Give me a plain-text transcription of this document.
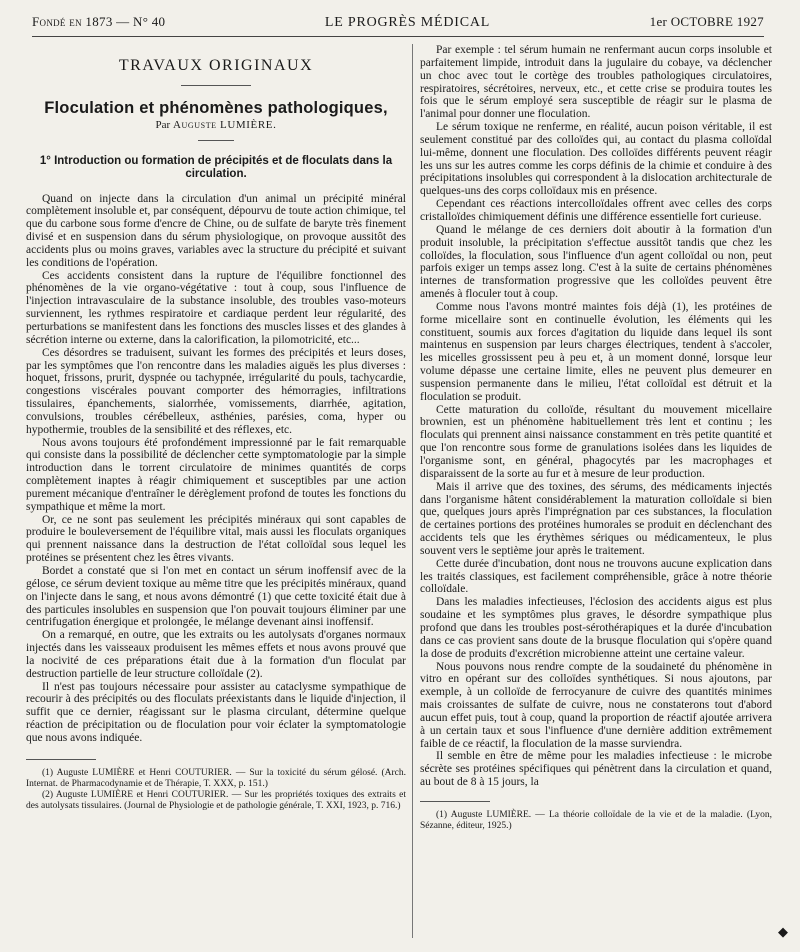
Fondé en 1873 — N° 40	LE PROGRÈS MÉDICAL	1er OCTOBRE 1927
TRAVAUX ORIGINAUX
Floculation et phénomènes pathologiques,
Par Auguste LUMIÈRE.
1° Introduction ou formation de précipités et de floculats dans la circulation.

Quand on injecte dans la circulation d'un animal un précipité minéral complètement insoluble et, par conséquent, dépourvu de toute action chimique, tel que du carbone sous forme d'encre de Chine, ou de sulfate de baryte très finement divisé et en suspension dans du sérum physiologique, on provoque aussitôt des accidents plus ou moins graves, variables avec la structure du précipité et suivant les conditions de l'opération.

Ces accidents consistent dans la rupture de l'équilibre fonctionnel des phénomènes de la vie organo-végétative : tout à coup, sous l'influence de l'injection intravasculaire de la substance insoluble, des troubles vaso-moteurs surviennent, les rythmes respiratoire et cardiaque perdent leur régularité, des perturbations se manifestent dans les fonctions des muscles lisses et des glandes à sécrétion interne ou externe, dans la calorification, la pilomotricité, etc...

Ces désordres se traduisent, suivant les formes des précipités et leurs doses, par les symptômes que l'on rencontre dans les maladies aiguës les plus diverses : hoquet, frissons, prurit, dyspnée ou tachypnée, irrégularité du pouls, tachycardie, congestions viscérales pouvant comporter des hémorragies, infiltrations tissulaires, épanchements, sialorrhée, vomissements, diarrhée, agitation, convulsions, troubles cérébelleux, asthénies, parésies, coma, hyper ou hypothermie, troubles de la sensibilité et des réflexes, etc.

Nous avons toujours été profondément impressionné par le fait remarquable qui consiste dans la possibilité de déclencher cette symptomatologie par la simple introduction dans le torrent circulatoire de minimes quantités de corps complètement inaptes à réagir chimiquement et susceptibles par une action purement mécanique d'entraîner le dérèglement profond de toutes les fonctions du sympathique et même la mort.

Or, ce ne sont pas seulement les précipités minéraux qui sont capables de produire le bouleversement de l'équilibre vital, mais aussi les floculats organiques qui prennent naissance dans la destruction de l'état colloïdal sous lequel les protéines se présentent chez les êtres vivants.

Bordet a constaté que si l'on met en contact un sérum inoffensif avec de la gélose, ce sérum devient toxique au même titre que les précipités minéraux, quand on l'injecte dans le sang, et nous avons démontré (1) que cette toxicité était due à des particules insolubles en suspension que l'on pouvait toujours éliminer par une centrifugation énergique et prolongée, le mélange devenant ainsi inoffensif.

On a remarqué, en outre, que les extraits ou les autolysats d'organes normaux injectés dans les vaisseaux produisent les mêmes effets et nous avons prouvé que la nocivité de ces préparations était due à la formation d'un floculat par destruction partielle de leur structure colloïdale (2).

Il n'est pas toujours nécessaire pour assister au cataclysme sympathique de recourir à des précipités ou des floculats préexistants dans le liquide d'injection, il suffit que ce dernier, réagissant sur le plasma circulant, détermine quelque réaction de précipitation ou de floculation pour voir éclater la symptomatologie que nous avons indiquée.

(1) Auguste LUMIÈRE et Henri COUTURIER. — Sur la toxicité du sérum gélosé. (Arch. Internat. de Pharmacodynamie et de Thérapie, T. XXX, p. 151.)

(2) Auguste LUMIÈRE et Henri COUTURIER. — Sur les propriétés toxiques des extraits et des autolysats tissulaires. (Journal de Physiologie et de pathologie générale, T. XXI, 1923, p. 716.)

Par exemple : tel sérum humain ne renfermant aucun corps insoluble et parfaitement limpide, introduit dans la jugulaire du cobaye, va déclencher un choc avec tout le cortège des troubles pathologiques circulatoires, respiratoires, sécrétoires, nerveux, etc., et cette crise se produira toutes les fois que le sérum employé sera susceptible de réagir sur le plasma de l'animal pour donner une floculation.

Le sérum toxique ne renferme, en réalité, aucun poison véritable, il est seulement constitué par des colloïdes qui, au contact du plasma colloïdal lui-même, donnent une floculation. Des colloïdes différents peuvent réagir les uns sur les autres comme les corps définis de la chimie et conduire à des précipitations insolubles qui correspondent à la dislocation architecturale de quelques-uns des corps colloïdaux mis en présence.

Cependant ces réactions intercolloïdales offrent avec celles des corps cristalloïdes chimiquement définis une différence essentielle fort curieuse.

Quand le mélange de ces derniers doit aboutir à la formation d'un produit insoluble, la précipitation s'effectue aussitôt tandis que chez les colloïdes, la floculation, sous l'influence d'un agent colloïdal ou non, peut parfois exiger un temps assez long. C'est à la suite de certains phénomènes internes de transformation progressive que les colloïdes peuvent être amenés à floculer tout à coup.

Comme nous l'avons montré maintes fois déjà (1), les protéines de forme micellaire sont en continuelle évolution, les éléments qui les constituent, soumis aux forces d'agitation du liquide dans lequel ils sont maintenus en suspension par leurs charges électriques, tendent à s'accoler, les micelles grossissent peu à peu et, à un moment donné, lorsque leur volume dépasse une certaine limite, elles ne peuvent plus demeurer en suspension permanente dans le milieu, l'état colloïdal est détruit et la floculation se produit.

Cette maturation du colloïde, résultant du mouvement micellaire brownien, est un phénomène habituellement très lent et continu ; les floculats qui prennent ainsi naissance constamment en très petite quantité et que l'on rencontre sous forme de granulations isolées dans les liquides de l'organisme sont, en général, phagocytés par les macrophages et disparaissent de la sorte au fur et à mesure de leur production.

Mais il arrive que des toxines, des sérums, des médicaments injectés dans l'organisme hâtent considérablement la maturation colloïdale si bien que, quelques jours après l'imprégnation par ces substances, la floculation de certaines portions des protéines humorales se produit en déclenchant des accidents tels que les érythèmes sériques ou médicamenteux, le plus souvent vers le septième jour après le traitement.

Cette durée d'incubation, dont nous ne trouvons aucune explication dans les traités classiques, est facilement compréhensible, grâce à notre théorie colloïdale.

Dans les maladies infectieuses, l'éclosion des accidents aigus est plus soudaine et les symptômes plus graves, le désordre sympathique plus profond que dans les troubles post-sérothérapiques et la durée d'incubation dans ce cas provient sans doute de la brusque floculation qui s'opère quand la dose de produits d'excrétion microbienne atteint une certaine valeur.

Nous pouvons nous rendre compte de la soudaineté du phénomène in vitro en opérant sur des colloïdes synthétiques. Si nous ajoutons, par exemple, à un colloïde de ferrocyanure de cuivre des quantités minimes mais croissantes de sulfate de cuivre, nous ne constaterons tout d'abord aucun effet puis, tout à coup, quand la proportion de réactif ajoutée arrivera à un certain taux et sous l'influence d'une dernière addition extrêmement faible de ce réactif, la floculation de la masse surviendra.

Il semble en être de même pour les maladies infectieuse : le microbe sécrète ses protéines spécifiques qui pénètrent dans la circulation et quand, au bout de 8 à 15 jours, la

(1) Auguste LUMIÈRE. — La théorie colloïdale de la vie et de la maladie. (Lyon, Sézanne, éditeur, 1925.)

◆
